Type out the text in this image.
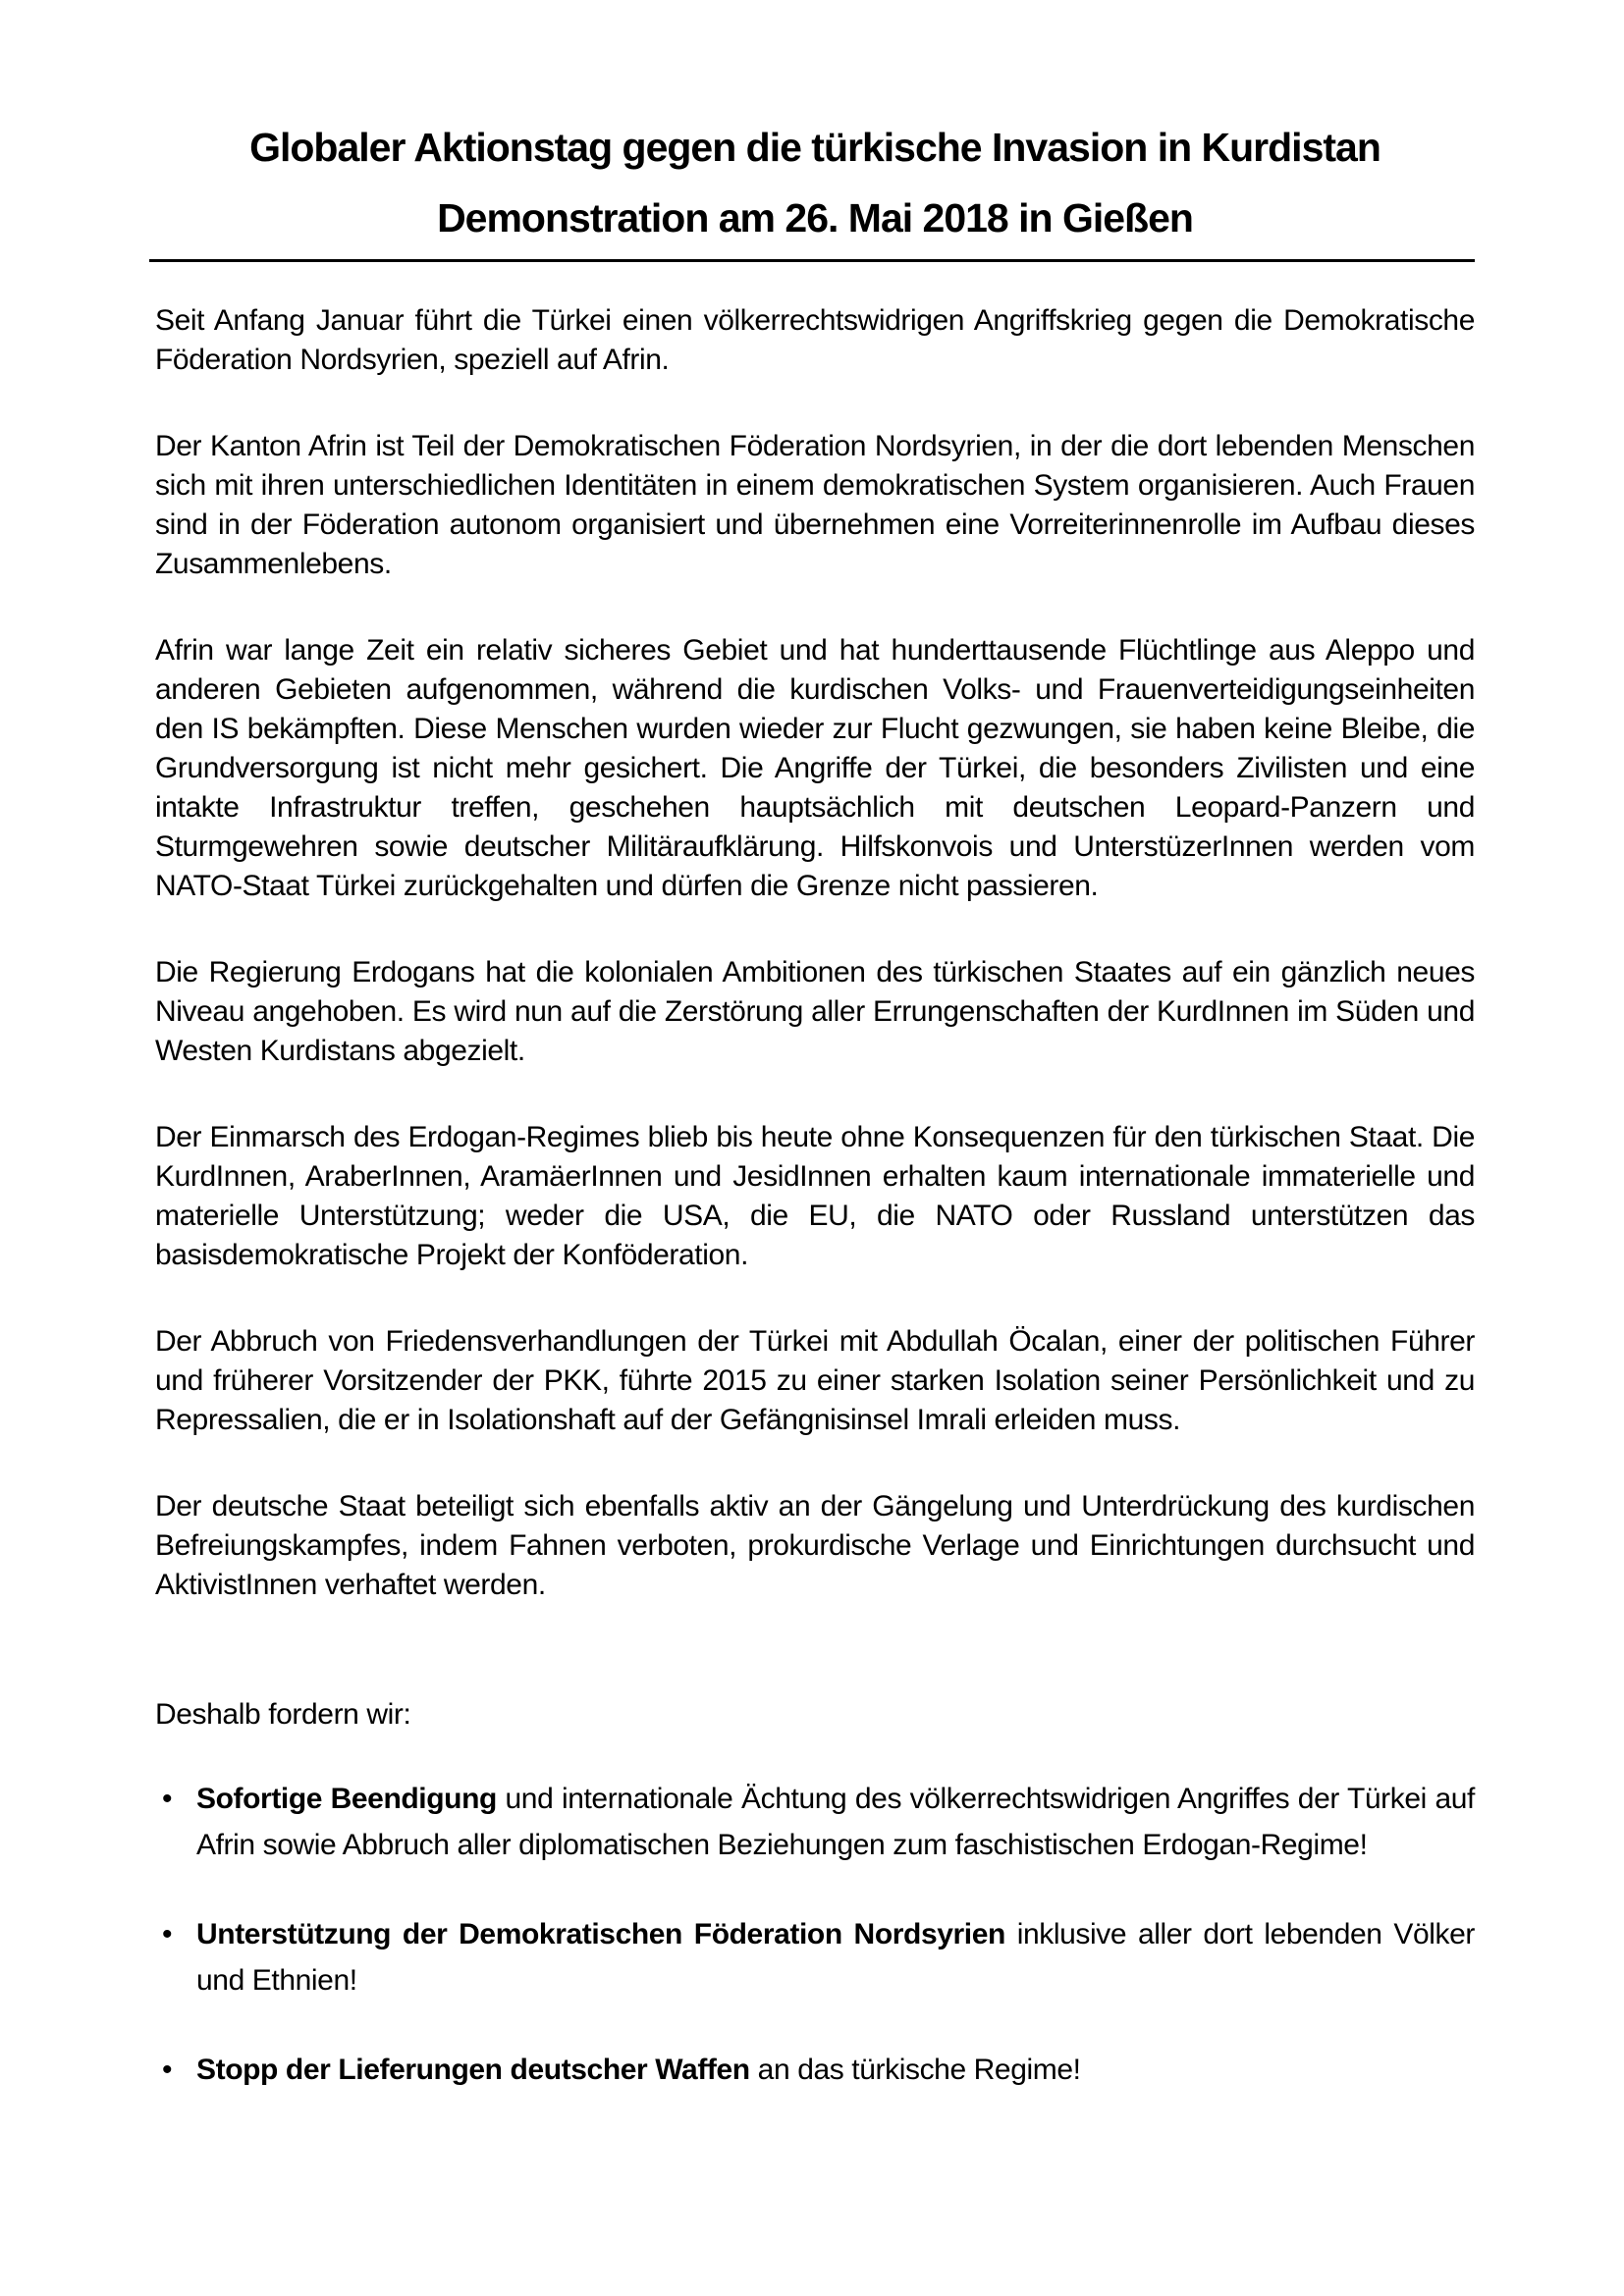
Globaler Aktionstag gegen die türkische Invasion in Kurdistan
Demonstration am 26. Mai 2018 in Gießen

Seit Anfang Januar führt die Türkei einen völkerrechtswidrigen Angriffskrieg gegen die Demokratische Föderation Nordsyrien, speziell auf Afrin.

Der Kanton Afrin ist Teil der Demokratischen Föderation Nordsyrien, in der die dort lebenden Menschen sich mit ihren unterschiedlichen Identitäten in einem demokratischen System organisieren. Auch Frauen sind in der Föderation autonom organisiert und übernehmen eine Vorreiterinnenrolle im Aufbau dieses Zusammenlebens.

Afrin war lange Zeit ein relativ sicheres Gebiet und hat hunderttausende Flüchtlinge aus Aleppo und anderen Gebieten aufgenommen, während die kurdischen Volks- und Frauenverteidigungseinheiten den IS bekämpften. Diese Menschen wurden wieder zur Flucht gezwungen, sie haben keine Bleibe, die Grundversorgung ist nicht mehr gesichert. Die Angriffe der Türkei, die besonders Zivilisten und eine intakte Infrastruktur treffen, geschehen hauptsächlich mit deutschen Leopard-Panzern und Sturmgewehren sowie deutscher Militäraufklärung. Hilfskonvois und UnterstüzerInnen werden vom NATO-Staat Türkei zurückgehalten und dürfen die Grenze nicht passieren.

Die Regierung Erdogans hat die kolonialen Ambitionen des türkischen Staates auf ein gänzlich neues Niveau angehoben. Es wird nun auf die Zerstörung aller Errungenschaften der KurdInnen im Süden und Westen Kurdistans abgezielt.

Der Einmarsch des Erdogan-Regimes blieb bis heute ohne Konsequenzen für den türkischen Staat. Die KurdInnen, AraberInnen, AramäerInnen und JesidInnen erhalten kaum internationale immaterielle und materielle Unterstützung; weder die USA, die EU, die NATO oder Russland unterstützen das basisdemokratische Projekt der Konföderation.

Der Abbruch von Friedensverhandlungen der Türkei mit Abdullah Öcalan, einer der politischen Führer und früherer Vorsitzender der PKK, führte 2015 zu einer starken Isolation seiner Persönlichkeit und zu Repressalien, die er in Isolationshaft auf der Gefängnisinsel Imrali erleiden muss.

Der deutsche Staat beteiligt sich ebenfalls aktiv an der Gängelung und Unterdrückung des kurdischen Befreiungskampfes, indem Fahnen verboten, prokurdische Verlage und Einrichtungen durchsucht und AktivistInnen verhaftet werden.

Deshalb fordern wir:

• Sofortige Beendigung und internationale Ächtung des völkerrechtswidrigen Angriffes der Türkei auf Afrin sowie Abbruch aller diplomatischen Beziehungen zum faschistischen Erdogan-Regime!
• Unterstützung der Demokratischen Föderation Nordsyrien inklusive aller dort lebenden Völker und Ethnien!
• Stopp der Lieferungen deutscher Waffen an das türkische Regime!
